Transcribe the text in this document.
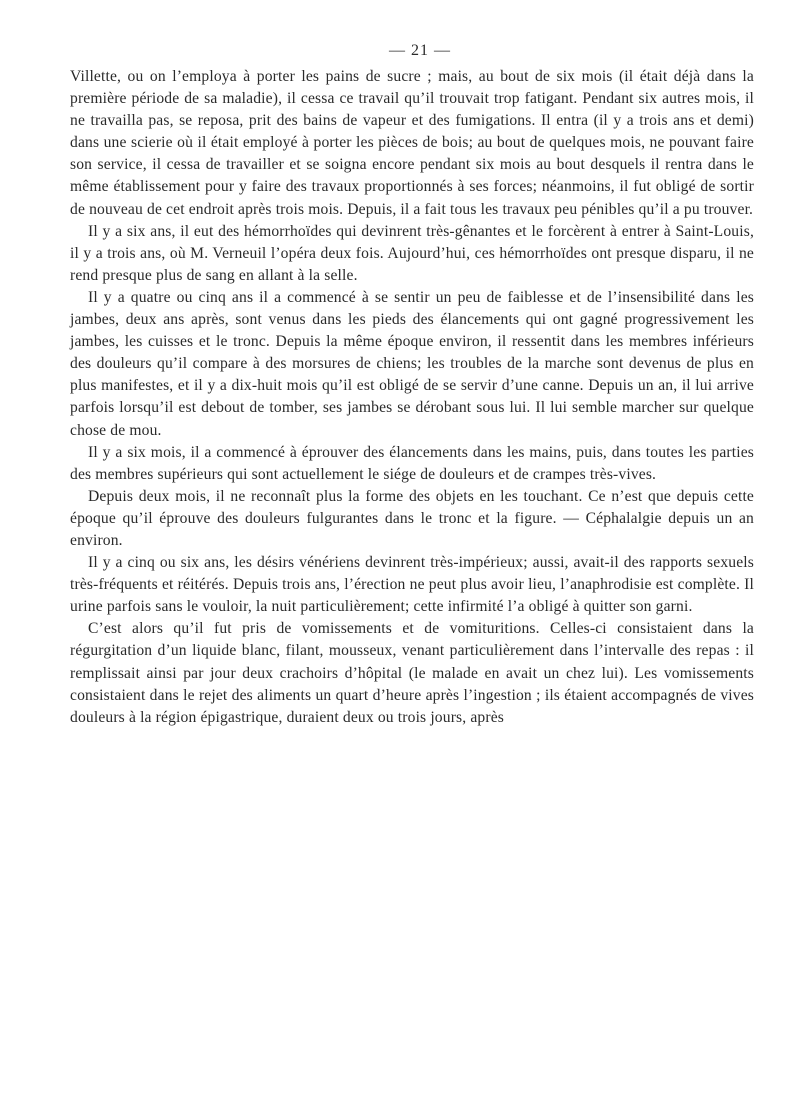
— 21 —

Villette, ou on l’employa à porter les pains de sucre ; mais, au bout de six mois (il était déjà dans la première période de sa maladie), il cessa ce travail qu’il trouvait trop fatigant. Pendant six autres mois, il ne travailla pas, se reposa, prit des bains de vapeur et des fumigations. Il entra (il y a trois ans et demi) dans une scierie où il était employé à porter les pièces de bois; au bout de quelques mois, ne pouvant faire son service, il cessa de travailler et se soigna encore pendant six mois au bout desquels il rentra dans le même établissement pour y faire des travaux proportionnés à ses forces; néanmoins, il fut obligé de sortir de nouveau de cet endroit après trois mois. Depuis, il a fait tous les travaux peu pénibles qu’il a pu trouver.

Il y a six ans, il eut des hémorrhoïdes qui devinrent très-gênantes et le forcèrent à entrer à Saint-Louis, il y a trois ans, où M. Verneuil l’opéra deux fois. Aujourd’hui, ces hémorrhoïdes ont presque disparu, il ne rend presque plus de sang en allant à la selle.

Il y a quatre ou cinq ans il a commencé à se sentir un peu de faiblesse et de l’insensibilité dans les jambes, deux ans après, sont venus dans les pieds des élancements qui ont gagné progressivement les jambes, les cuisses et le tronc. Depuis la même époque environ, il ressentit dans les membres inférieurs des douleurs qu’il compare à des morsures de chiens; les troubles de la marche sont devenus de plus en plus manifestes, et il y a dix-huit mois qu’il est obligé de se servir d’une canne. Depuis un an, il lui arrive parfois lorsqu’il est debout de tomber, ses jambes se dérobant sous lui. Il lui semble marcher sur quelque chose de mou.

Il y a six mois, il a commencé à éprouver des élancements dans les mains, puis, dans toutes les parties des membres supérieurs qui sont actuellement le siége de douleurs et de crampes très-vives.

Depuis deux mois, il ne reconnaît plus la forme des objets en les touchant. Ce n’est que depuis cette époque qu’il éprouve des douleurs fulgurantes dans le tronc et la figure. — Céphalalgie depuis un an environ.

Il y a cinq ou six ans, les désirs vénériens devinrent très-impérieux; aussi, avait-il des rapports sexuels très-fréquents et réitérés. Depuis trois ans, l’érection ne peut plus avoir lieu, l’anaphrodisie est complète. Il urine parfois sans le vouloir, la nuit particulièrement; cette infirmité l’a obligé à quitter son garni.

C’est alors qu’il fut pris de vomissements et de vomituritions. Celles-ci consistaient dans la régurgitation d’un liquide blanc, filant, mousseux, venant particulièrement dans l’intervalle des repas : il remplissait ainsi par jour deux crachoirs d’hôpital (le malade en avait un chez lui). Les vomissements consistaient dans le rejet des aliments un quart d’heure après l’ingestion ; ils étaient accompagnés de vives douleurs à la région épigastrique, duraient deux ou trois jours, après
